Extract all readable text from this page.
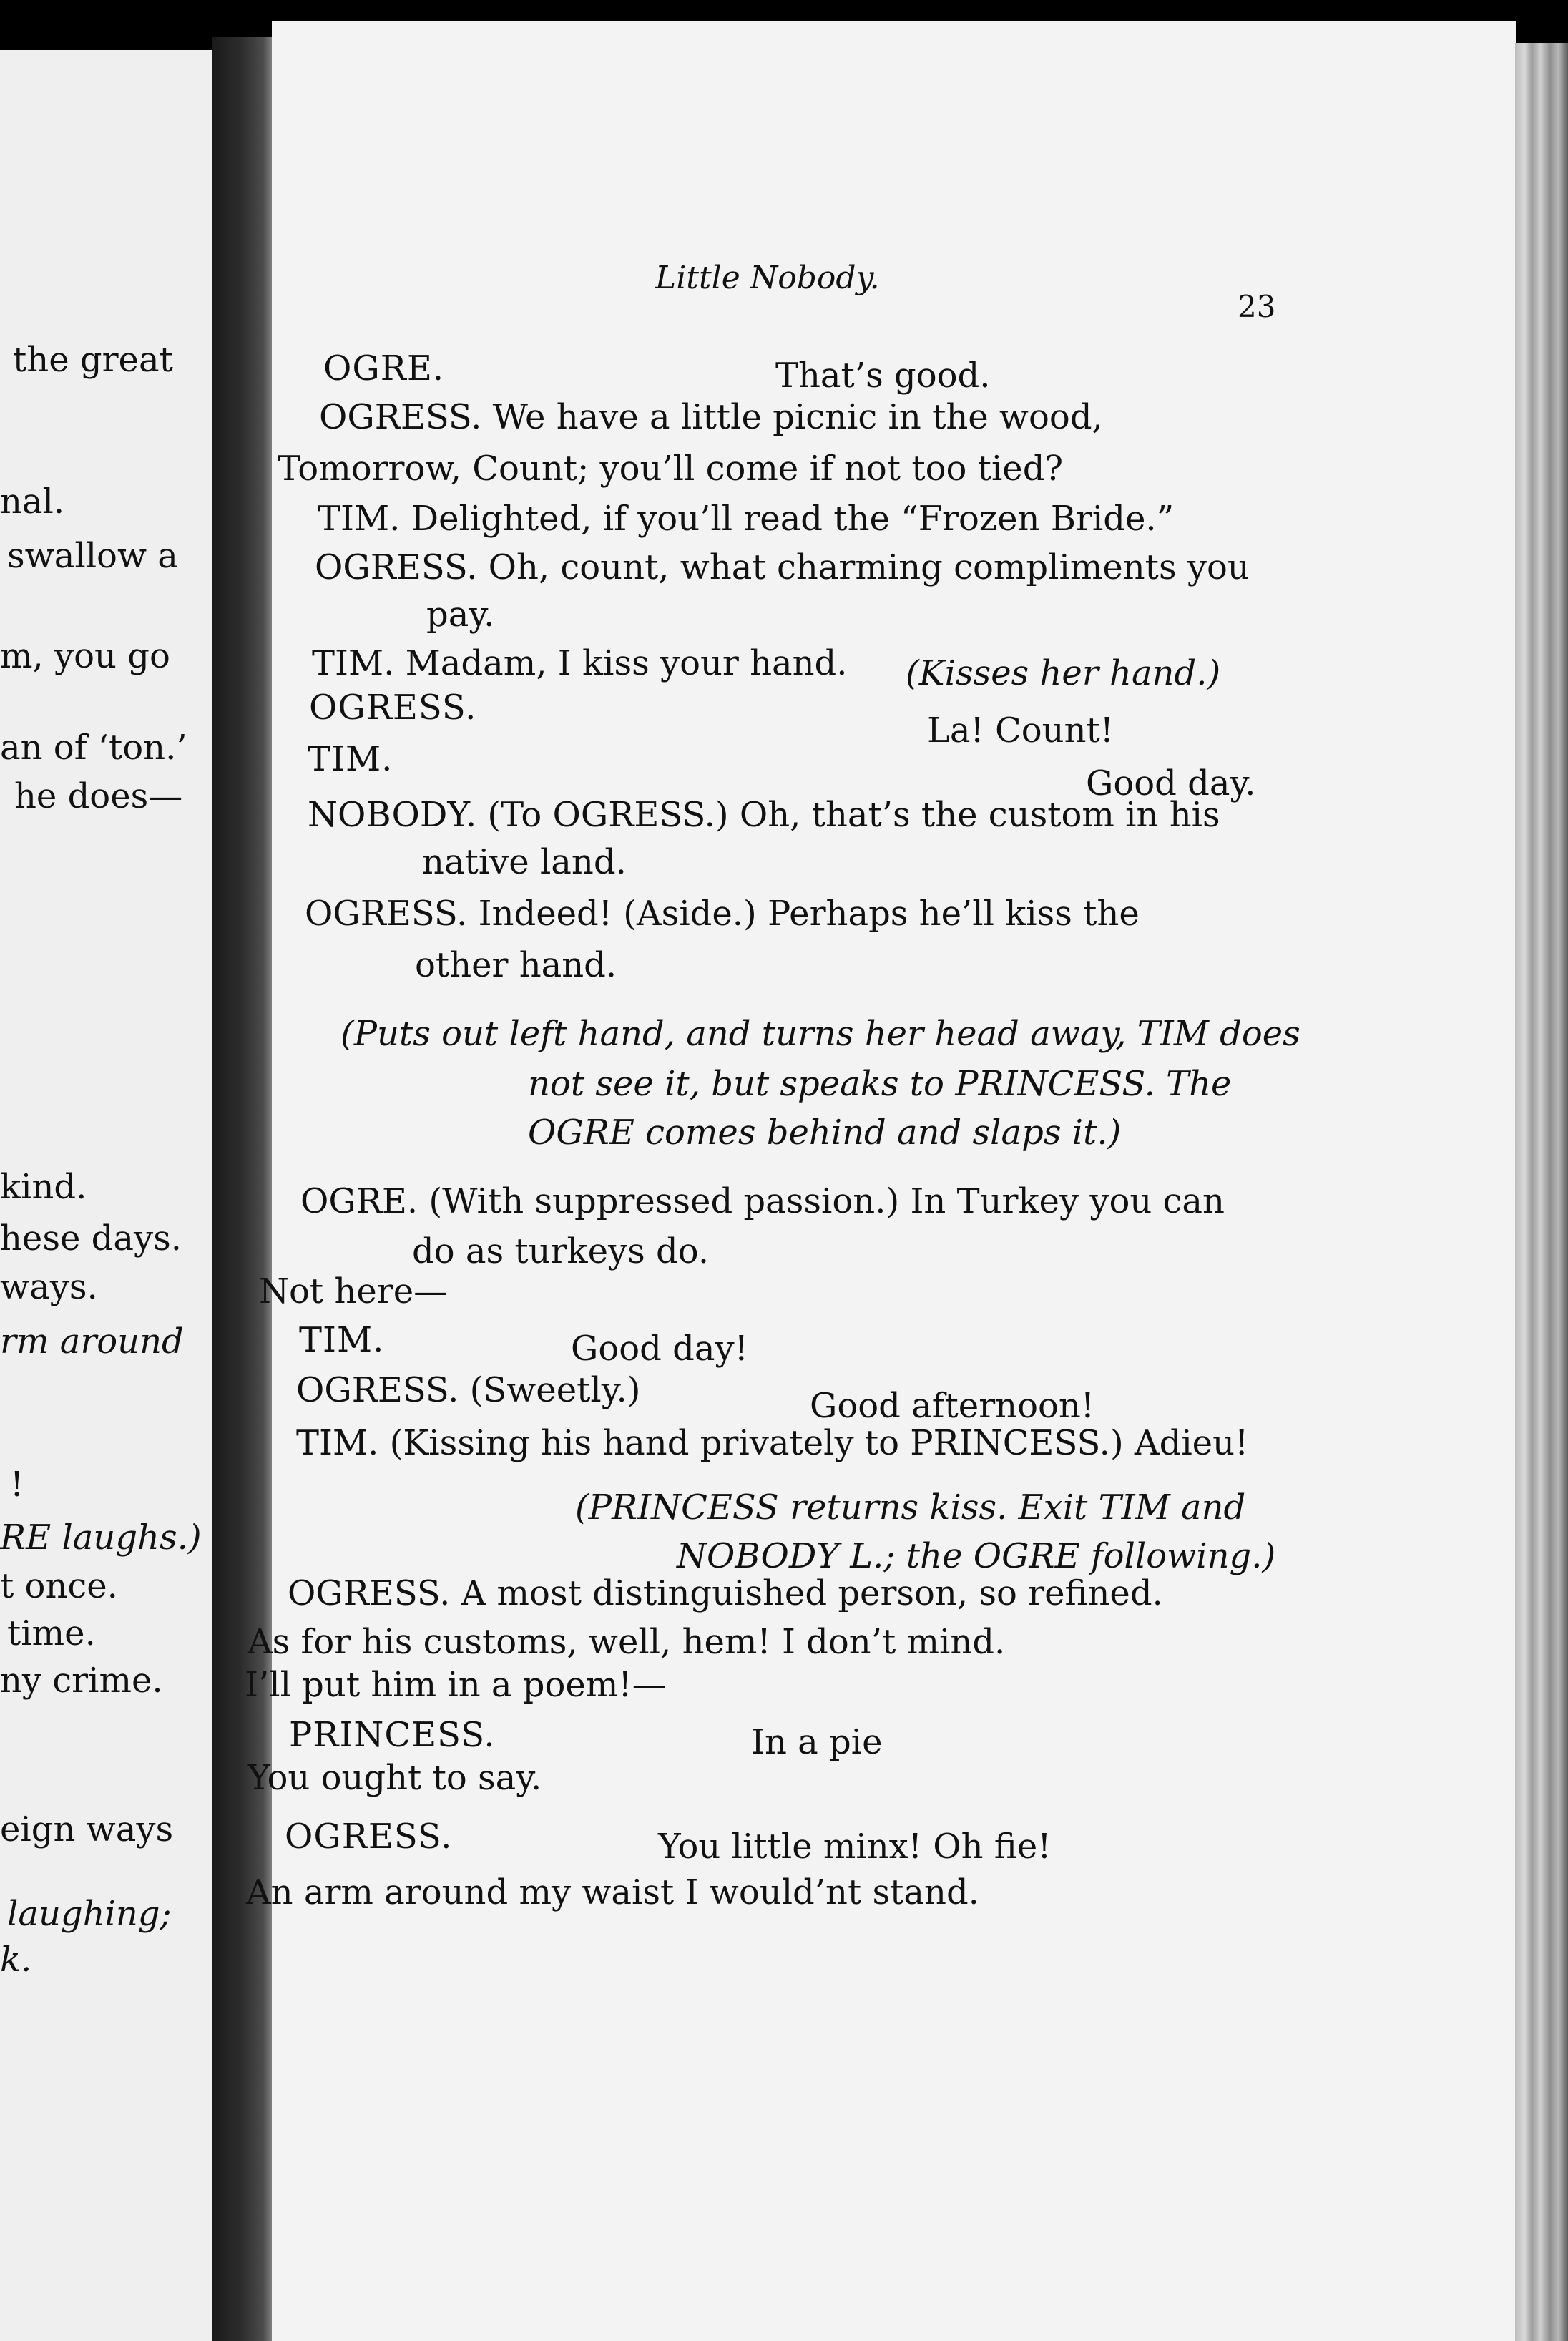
the great
nal.
swallow a
m, you go
an of ‘ton.’
he does—
kind.
hese days.
ways.
rm around
!
RE laughs.)
t once.
time.
ny crime.
eign ways
laughing;
k.
Little Nobody.
23
OGRE.	That’s good.
OGRESS. We have a little picnic in the wood,
Tomorrow, Count; you’ll come if not too tied?
TIM. Delighted, if you’ll read the “Frozen Bride.”
OGRESS. Oh, count, what charming compliments you
pay.
TIM. Madam, I kiss your hand. (Kisses her hand.)
OGRESS.
La! Count!
TIM.
Good day.
NOBODY. (To OGRESS.) Oh, that’s the custom in his
native land.
OGRESS. Indeed! (Aside.) Perhaps he’ll kiss the
other hand.
(Puts out left hand, and turns her head away, TIM does
not see it, but speaks to PRINCESS. The
OGRE comes behind and slaps it.)
OGRE. (With suppressed passion.) In Turkey you can
do as turkeys do.
Not here—
TIM.	Good day!
OGRESS. (Sweetly.)	Good afternoon!
TIM. (Kissing his hand privately to PRINCESS.) Adieu!
(PRINCESS returns kiss. Exit TIM and
NOBODY L.; the OGRE following.)
OGRESS. A most distinguished person, so refined.
As for his customs, well, hem! I don’t mind.
I’ll put him in a poem!—
PRINCESS.	In a pie
You ought to say.
OGRESS.	You little minx! Oh fie!
An arm around my waist I would’nt stand.
